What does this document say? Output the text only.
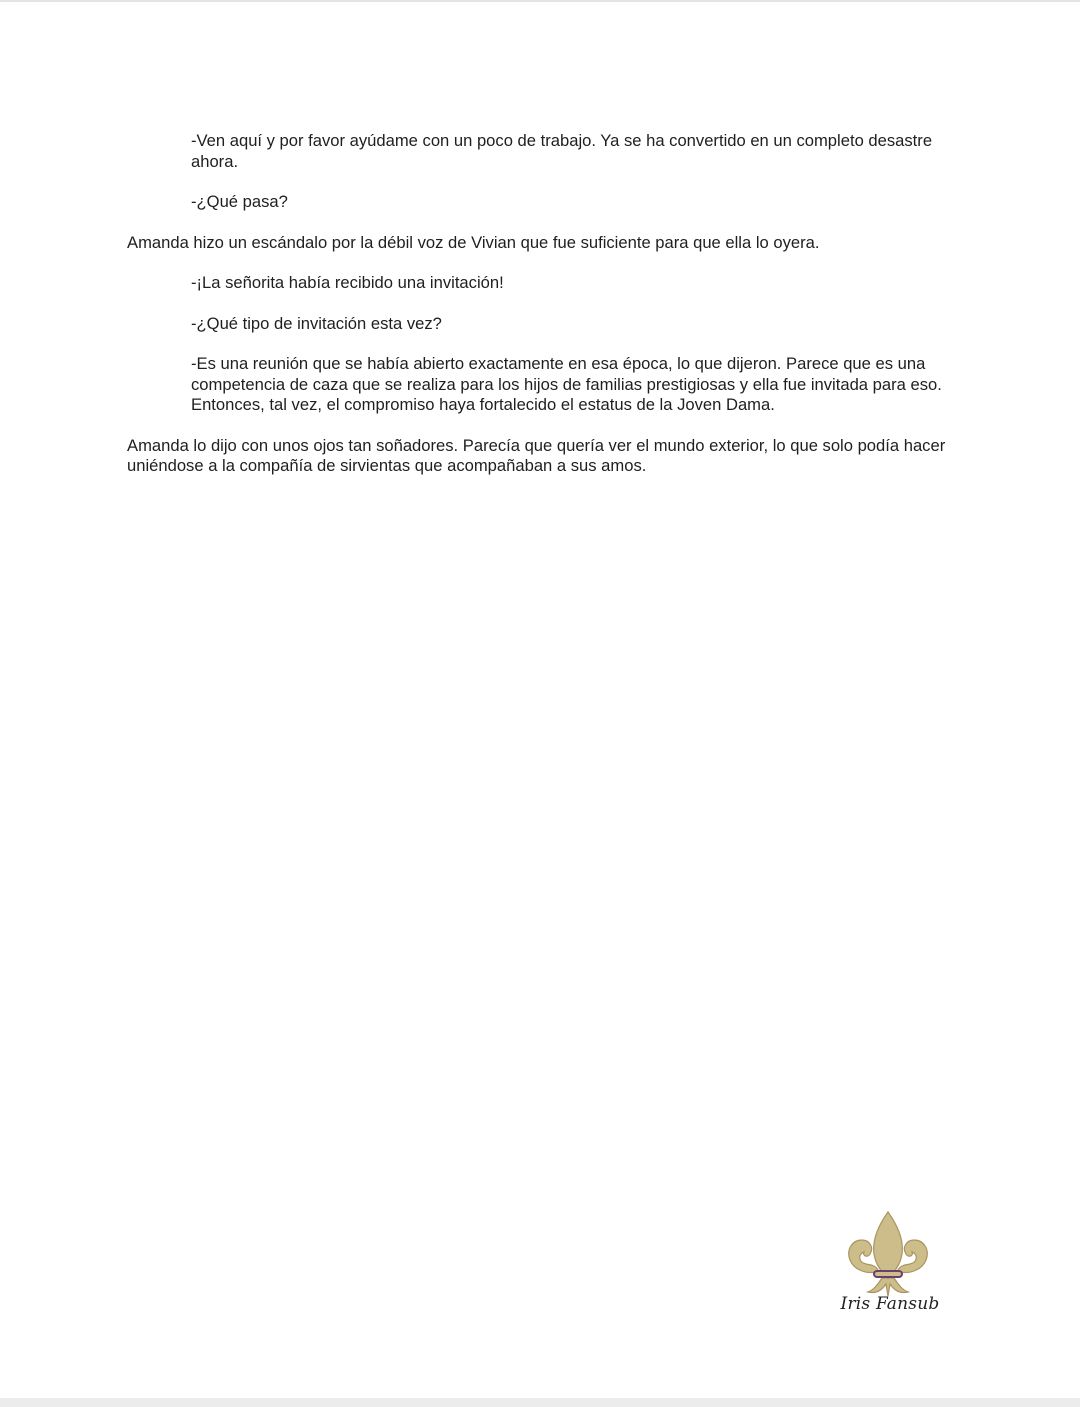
-Ven aquí y por favor ayúdame con un poco de trabajo. Ya se ha convertido en un completo desastre ahora.

-¿Qué pasa?

Amanda hizo un escándalo por la débil voz de Vivian que fue suficiente para que ella lo oyera.

-¡La señorita había recibido una invitación!

-¿Qué tipo de invitación esta vez?

-Es una reunión que se había abierto exactamente en esa época, lo que dijeron. Parece que es una competencia de caza que se realiza para los hijos de familias prestigiosas y ella fue invitada para eso. Entonces, tal vez, el compromiso haya fortalecido el estatus de la Joven Dama.

Amanda lo dijo con unos ojos tan soñadores. Parecía que quería ver el mundo exterior, lo que solo podía hacer uniéndose a la compañía de sirvientas que acompañaban a sus amos.

Iris Fansub
